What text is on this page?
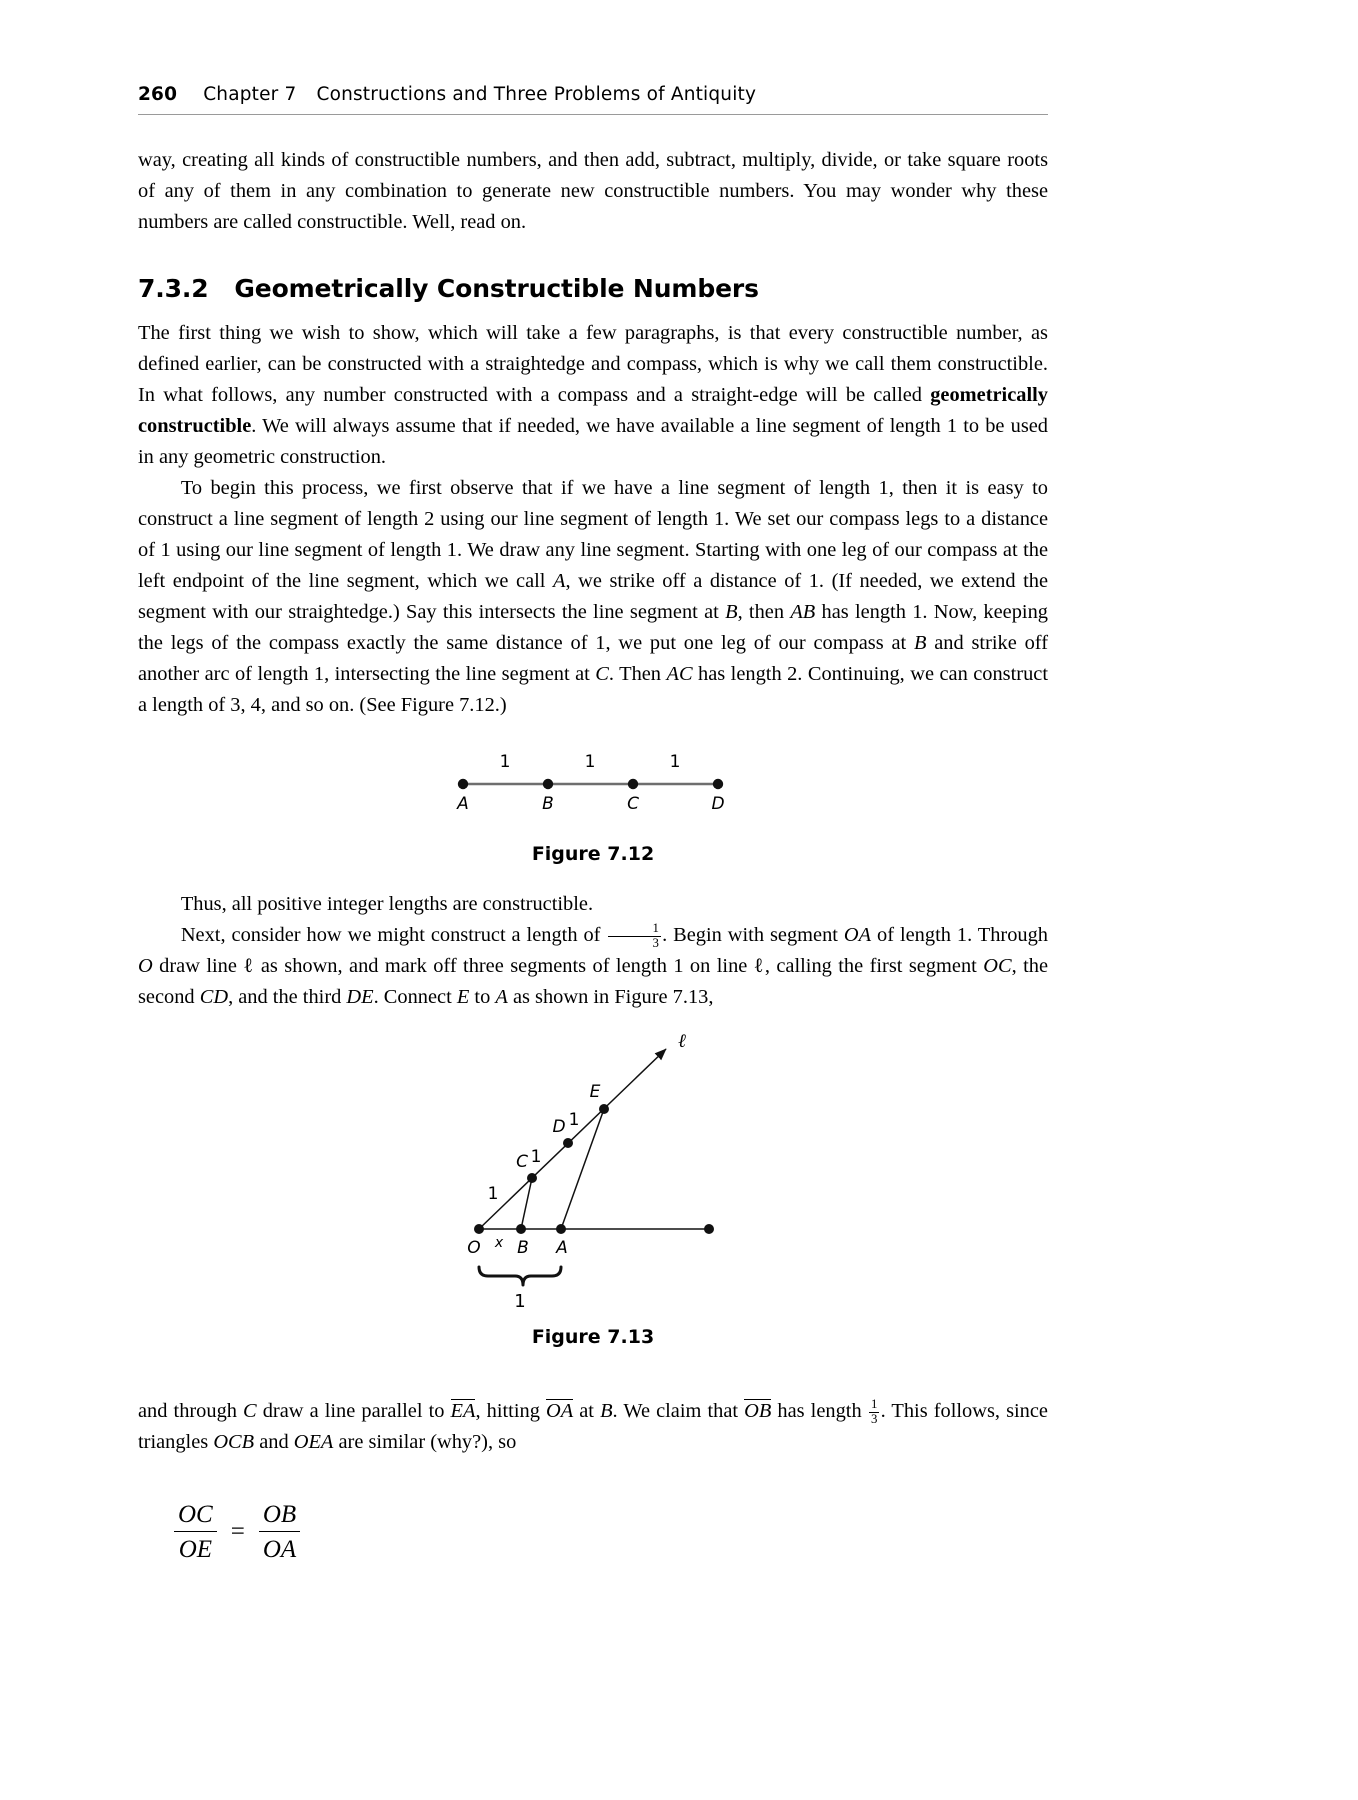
260 Chapter 7 Constructions and Three Problems of Antiquity

way, creating all kinds of constructible numbers, and then add, subtract, multiply, divide, or take square roots of any of them in any combination to generate new constructible numbers. You may wonder why these numbers are called constructible. Well, read on.

7.3.2 Geometrically Constructible Numbers

The first thing we wish to show, which will take a few paragraphs, is that every constructible number, as defined earlier, can be constructed with a straightedge and compass, which is why we call them constructible. In what follows, any number constructed with a compass and a straight-edge will be called geometrically constructible. We will always assume that if needed, we have available a line segment of length 1 to be used in any geometric construction.

To begin this process, we first observe that if we have a line segment of length 1, then it is easy to construct a line segment of length 2 using our line segment of length 1. We set our compass legs to a distance of 1 using our line segment of length 1. We draw any line segment. Starting with one leg of our compass at the left endpoint of the line segment, which we call A, we strike off a distance of 1. (If needed, we extend the segment with our straightedge.) Say this intersects the line segment at B, then AB has length 1. Now, keeping the legs of the compass exactly the same distance of 1, we put one leg of our compass at B and strike off another arc of length 1, intersecting the line segment at C. Then AC has length 2. Continuing, we can construct a length of 3, 4, and so on. (See Figure 7.12.)

1	1	1
A	B	C	D
Figure 7.12

Thus, all positive integer lengths are constructible.

Next, consider how we might construct a length of $\frac{1}{3}$ . Begin with segment OA of length 1. Through O draw line ℓ as shown, and mark off three segments of length 1 on line ℓ, calling the first segment OC, the second CD, and the third DE. Connect E to A as shown in Figure 7.13,

ℓ
C
D
E
1
1
1
O x B A
1
Figure 7.13

and through C draw a line parallel to EA, hitting OA at B. We claim that OB has length $\frac{1}{3}$ . This follows, since triangles OCB and OEA are similar (why?), so

$\frac{OC}{OE} = \frac{OB}{OA}$
